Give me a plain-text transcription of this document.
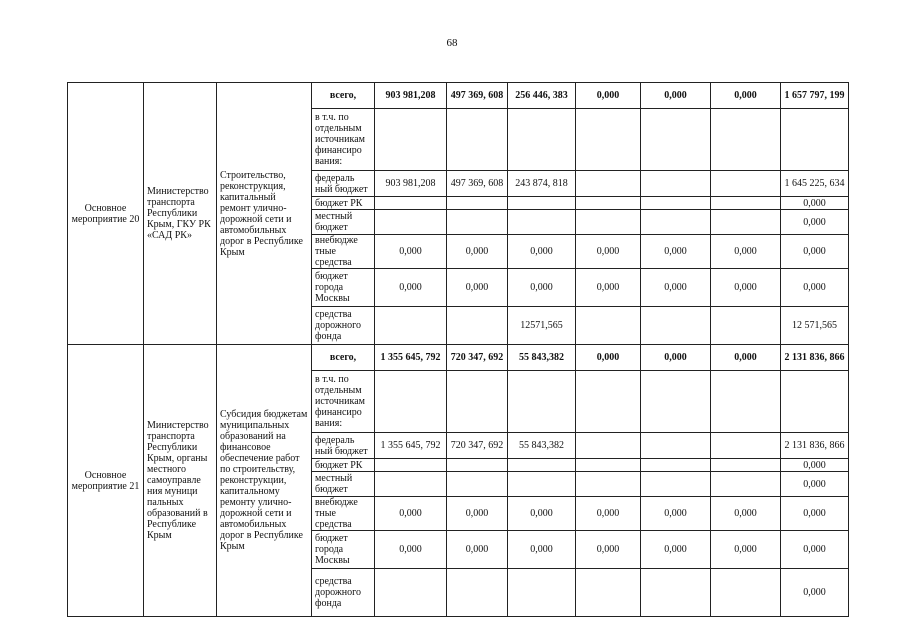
68
Основное мероприятие 20	Министерство транспорта Республики Крым, ГКУ РК «САД РК»	Строительство, реконструкция, капитальный ремонт улично-дорожной сети и автомобильных дорог в Республике Крым	всего,	903 981,208	497 369, 608	256 446, 383	0,000	0,000	0,000	1 657 797, 199
			в т.ч. по отдельным источникам финансиро вания:							
			федераль ный бюджет	903 981,208	497 369, 608	243 874, 818				1 645 225, 634
			бюджет РК							0,000
			местный бюджет							0,000
			внебюдже тные средства	0,000	0,000	0,000	0,000	0,000	0,000	0,000
			бюджет города Москвы	0,000	0,000	0,000	0,000	0,000	0,000	0,000
			средства дорожного фонда			12571,565				12 571,565
Основное мероприятие 21	Министерство транспорта Республики Крым, органы местного самоуправле ния муници пальных образований в Республике Крым	Субсидия бюджетам муниципальных образований на финансовое обеспечение работ по строительству, реконструкции, капитальному ремонту улично-дорожной сети и автомобильных дорог в Республике Крым	всего,	1 355 645, 792	720 347, 692	55 843,382	0,000	0,000	0,000	2 131 836, 866
			в т.ч. по отдельным источникам финансиро вания:							
			федераль ный бюджет	1 355 645, 792	720 347, 692	55 843,382				2 131 836, 866
			бюджет РК							0,000
			местный бюджет							0,000
			внебюдже тные средства	0,000	0,000	0,000	0,000	0,000	0,000	0,000
			бюджет города Москвы	0,000	0,000	0,000	0,000	0,000	0,000	0,000
			средства дорожного фонда							0,000
